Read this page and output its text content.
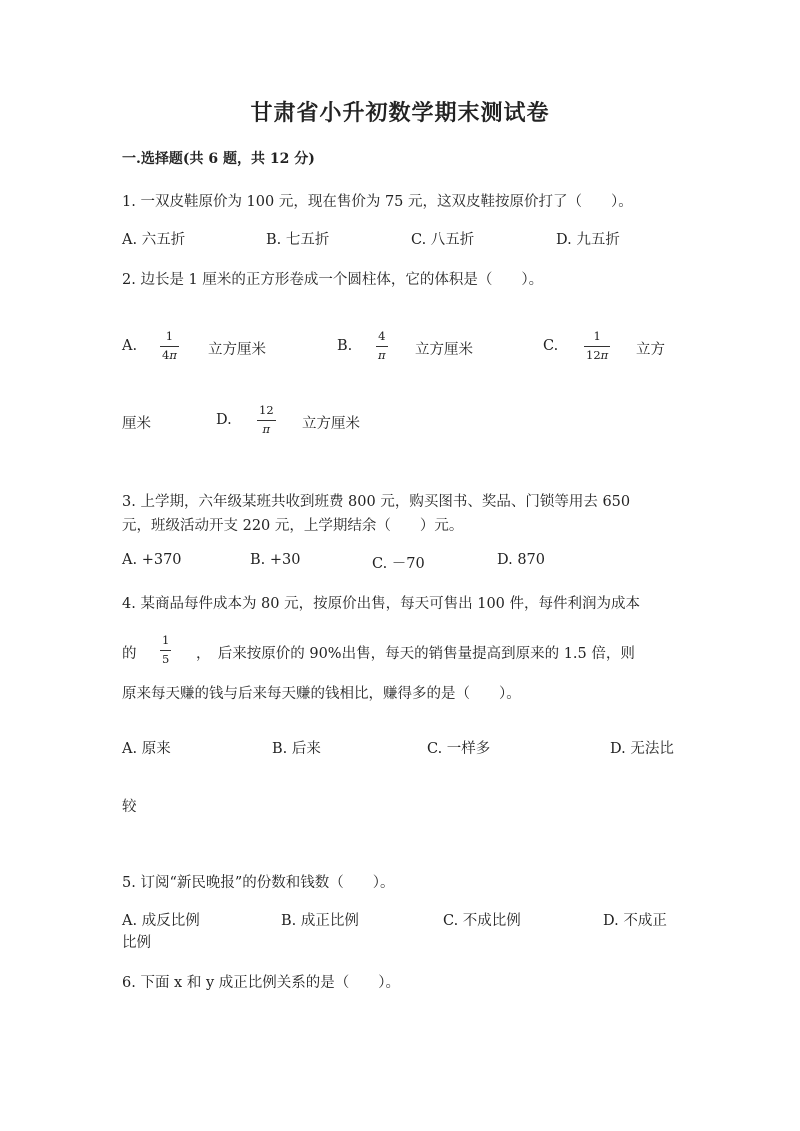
甘肃省小升初数学期末测试卷
一.选择题(共 6 题，共 12 分)
1. 一双皮鞋原价为 100 元，现在售价为 75 元，这双皮鞋按原价打了（　　）。
A. 六五折	B. 七五折	C. 八五折	D. 九五折
2. 边长是 1 厘米的正方形卷成一个圆柱体，它的体积是（　　）。
A.
1
4π 立方厘米	B.
4
π 立方厘米	C.
1
12π 立方
厘米	D.
12
π 立方厘米
3. 上学期，六年级某班共收到班费 800 元，购买图书、奖品、门锁等用去 650
元，班级活动开支 220 元，上学期结余（　　）元。
A. +370	B. +30	C. －70	D. 870
4. 某商品每件成本为 80 元，按原价出售，每天可售出 100 件，每件利润为成本
的
1
5 ，　后来按原价的 90%出售，每天的销售量提高到原来的 1.5 倍，则
原来每天赚的钱与后来每天赚的钱相比，赚得多的是（　　）。
A. 原来	B. 后来	C. 一样多	D. 无法比
较
5. 订阅“新民晚报”的份数和钱数（　　）。
A. 成反比例	B. 成正比例	C. 不成比例	D. 不成正
比例
6. 下面 x 和 y 成正比例关系的是（　　）。
